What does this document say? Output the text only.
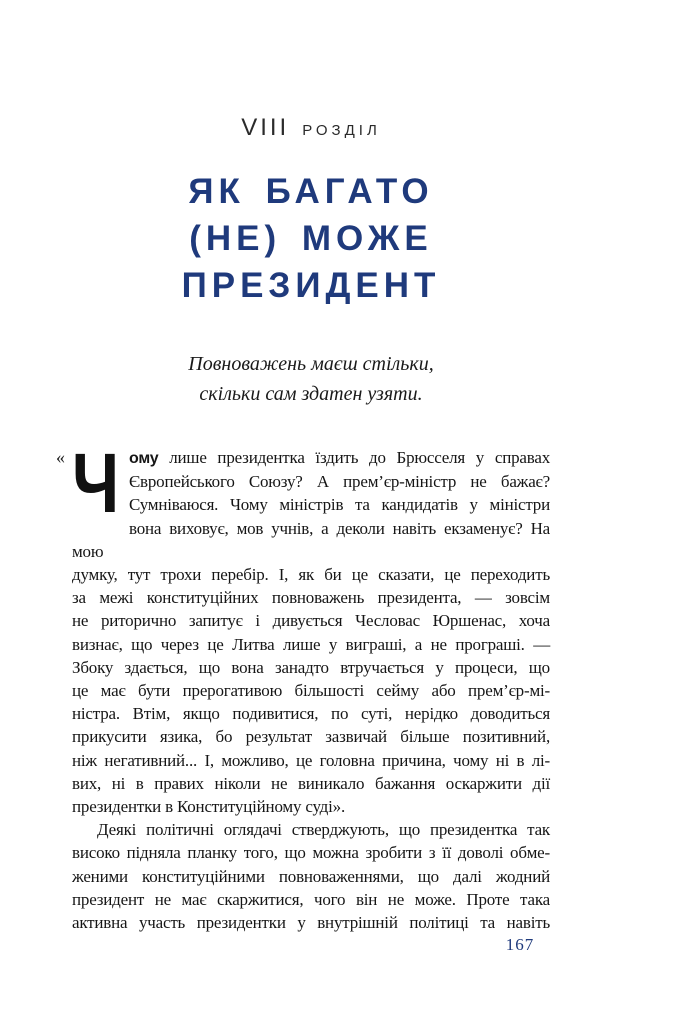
VIII РОЗДІЛ
ЯК БАГАТО
(НЕ) МОЖЕ
ПРЕЗИДЕНТ
Повноважень маєш стільки,
скільки сам здатен узяти.
« Ч ому лише президентка їздить до Брюсселя у справах
Європейського Союзу? А прем’єр-міністр не бажає?
Сумніваюся. Чому міністрів та кандидатів у міністри
вона виховує, мов учнів, а деколи навіть екзаменує? На мою
думку, тут трохи перебір. І, як би це сказати, це переходить
за межі конституційних повноважень президента, — зовсім
не риторично запитує і дивується Чесловас Юршенас, хоча
визнає, що через це Литва лише у виграші, а не програші. —
Збоку здається, що вона занадто втручається у процеси, що
це має бути прерогативою більшості сейму або прем’єр-мі-
ністра. Втім, якщо подивитися, по суті, нерідко доводиться
прикусити язика, бо результат зазвичай більше позитивний,
ніж негативний... І, можливо, це головна причина, чому ні в лі-
вих, ні в правих ніколи не виникало бажання оскаржити дії
президентки в Конституційному суді».
Деякі політичні оглядачі стверджують, що президентка так
високо підняла планку того, що можна зробити з її доволі обме-
женими конституційними повноваженнями, що далі жодний
президент не має скаржитися, чого він не може. Проте така
активна участь президентки у внутрішній політиці та навіть
167
